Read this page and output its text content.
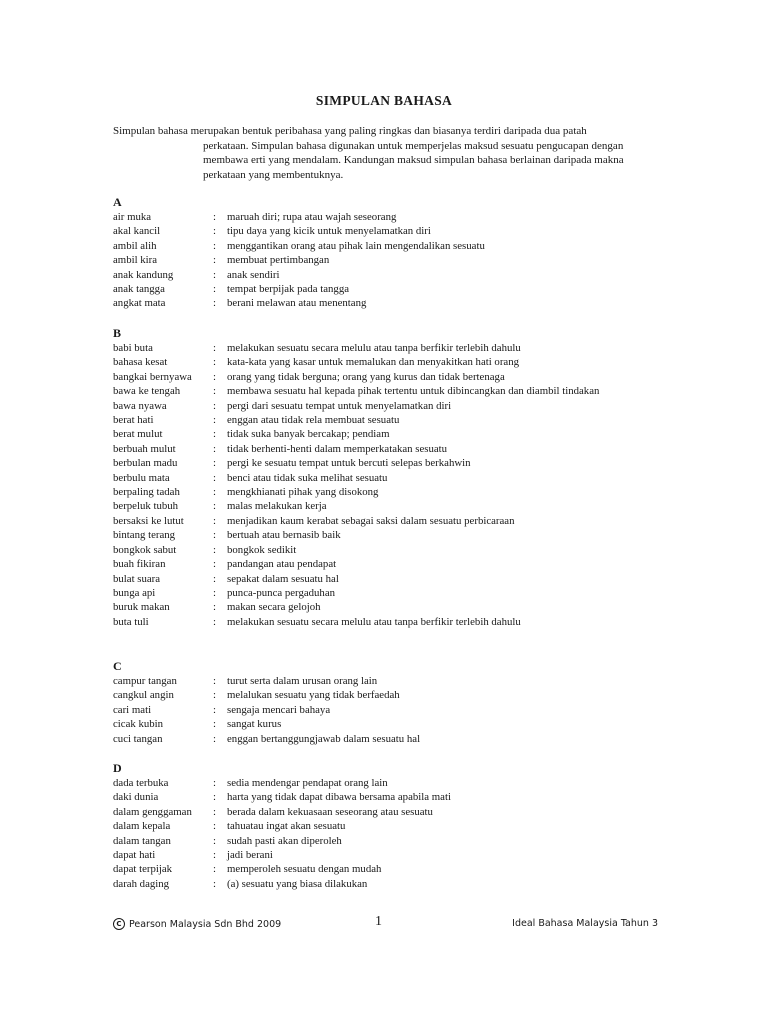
SIMPULAN BAHASA
Simpulan bahasa merupakan bentuk peribahasa yang paling ringkas dan biasanya terdiri daripada dua patah
perkataan. Simpulan bahasa digunakan untuk memperjelas maksud sesuatu pengucapan dengan membawa erti yang mendalam. Kandungan maksud simpulan bahasa berlainan daripada makna perkataan yang membentuknya.
A
air muka	:	maruah diri; rupa atau wajah seseorang
akal kancil	:	tipu daya yang kicik untuk menyelamatkan diri
ambil alih	:	menggantikan orang atau pihak lain mengendalikan sesuatu
ambil kira	:	membuat pertimbangan
anak kandung	:	anak sendiri
anak tangga	:	tempat berpijak pada tangga
angkat mata	:	berani melawan atau menentang
B
babi buta	:	melakukan sesuatu secara melulu atau tanpa berfikir terlebih dahulu
bahasa kesat	:	kata-kata yang kasar untuk memalukan dan menyakitkan hati orang
bangkai bernyawa	:	orang yang tidak berguna; orang yang kurus dan tidak bertenaga
bawa ke tengah	:	membawa sesuatu hal kepada pihak tertentu untuk dibincangkan dan diambil tindakan
bawa nyawa	:	pergi dari sesuatu tempat untuk menyelamatkan diri
berat hati	:	enggan atau tidak rela membuat sesuatu
berat mulut	:	tidak suka banyak bercakap; pendiam
berbuah mulut	:	tidak berhenti-henti dalam memperkatakan sesuatu
berbulan madu	:	pergi ke sesuatu tempat untuk bercuti selepas berkahwin
berbulu mata	:	benci atau tidak suka melihat sesuatu
berpaling tadah	:	mengkhianati pihak yang disokong
berpeluk tubuh	:	malas melakukan kerja
bersaksi ke lutut	:	menjadikan kaum kerabat sebagai saksi dalam sesuatu perbicaraan
bintang terang	:	bertuah atau bernasib baik
bongkok sabut	:	bongkok sedikit
buah fikiran	:	pandangan atau pendapat
bulat suara	:	sepakat dalam sesuatu hal
bunga api	:	punca-punca pergaduhan
buruk makan	:	makan secara gelojoh
buta tuli	:	melakukan sesuatu secara melulu atau tanpa berfikir terlebih dahulu
C
campur tangan	:	turut serta dalam urusan orang lain
cangkul angin	:	melalukan sesuatu yang tidak berfaedah
cari mati	:	sengaja mencari bahaya
cicak kubin	:	sangat kurus
cuci tangan	:	enggan bertanggungjawab dalam sesuatu hal
D
dada terbuka	:	sedia mendengar pendapat orang lain
daki dunia	:	harta yang tidak dapat dibawa bersama apabila mati
dalam genggaman	:	berada dalam kekuasaan seseorang atau sesuatu
dalam kepala	:	tahuatau ingat akan sesuatu
dalam tangan	:	sudah pasti akan diperoleh
dapat hati	:	jadi berani
dapat terpijak	:	memperoleh sesuatu dengan mudah
darah daging	:	(a) sesuatu yang biasa dilakukan
C Pearson Malaysia Sdn Bhd 2009	1	Ideal Bahasa Malaysia Tahun 3
